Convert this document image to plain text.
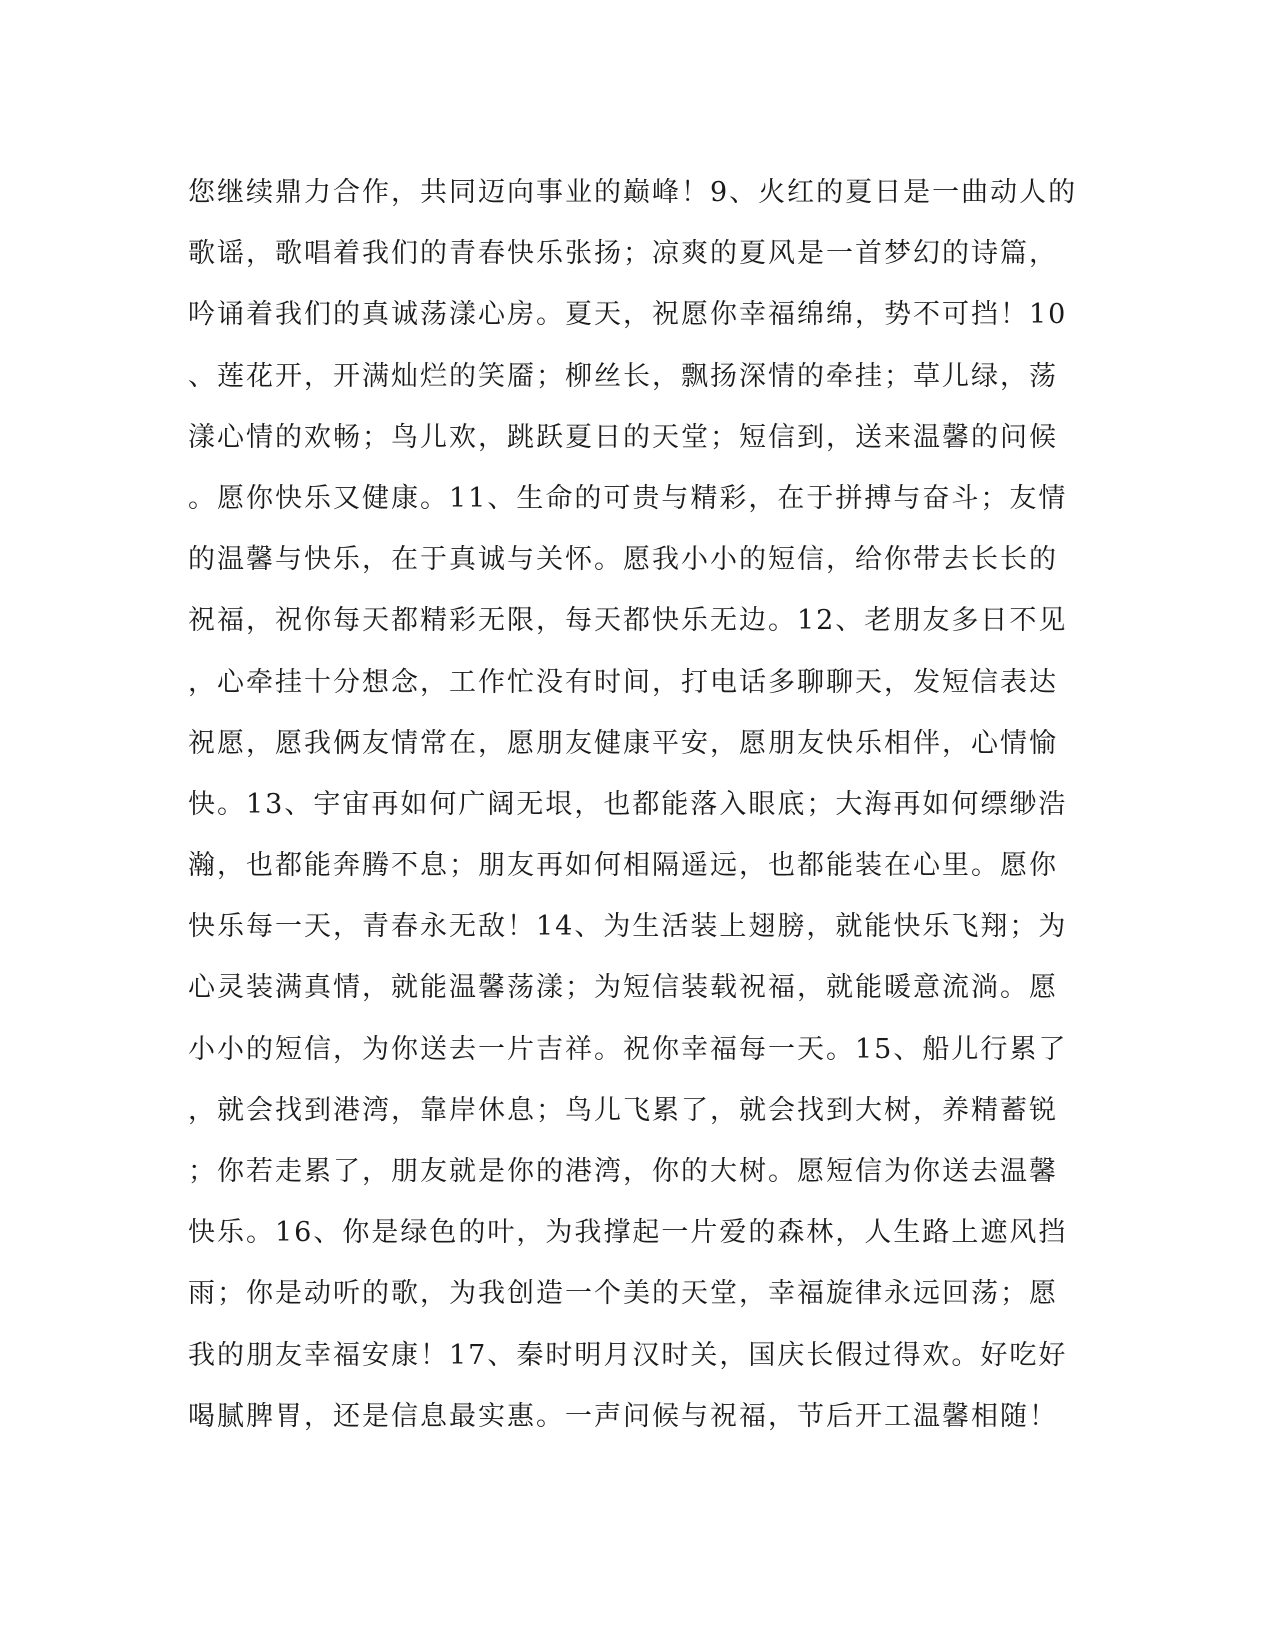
您继续鼎力合作，共同迈向事业的巅峰！9、火红的夏日是一曲动人的
歌谣，歌唱着我们的青春快乐张扬；凉爽的夏风是一首梦幻的诗篇，
吟诵着我们的真诚荡漾心房。夏天，祝愿你幸福绵绵，势不可挡！10
、莲花开，开满灿烂的笑靥；柳丝长，飘扬深情的牵挂；草儿绿，荡
漾心情的欢畅；鸟儿欢，跳跃夏日的天堂；短信到，送来温馨的问候
。愿你快乐又健康。11、生命的可贵与精彩，在于拼搏与奋斗；友情
的温馨与快乐，在于真诚与关怀。愿我小小的短信，给你带去长长的
祝福，祝你每天都精彩无限，每天都快乐无边。12、老朋友多日不见
，心牵挂十分想念，工作忙没有时间，打电话多聊聊天，发短信表达
祝愿，愿我俩友情常在，愿朋友健康平安，愿朋友快乐相伴，心情愉
快。13、宇宙再如何广阔无垠，也都能落入眼底；大海再如何缥缈浩
瀚，也都能奔腾不息；朋友再如何相隔遥远，也都能装在心里。愿你
快乐每一天，青春永无敌！14、为生活装上翅膀，就能快乐飞翔；为
心灵装满真情，就能温馨荡漾；为短信装载祝福，就能暖意流淌。愿
小小的短信，为你送去一片吉祥。祝你幸福每一天。15、船儿行累了
，就会找到港湾，靠岸休息；鸟儿飞累了，就会找到大树，养精蓄锐
；你若走累了，朋友就是你的港湾，你的大树。愿短信为你送去温馨
快乐。16、你是绿色的叶，为我撑起一片爱的森林，人生路上遮风挡
雨；你是动听的歌，为我创造一个美的天堂，幸福旋律永远回荡；愿
我的朋友幸福安康！17、秦时明月汉时关，国庆长假过得欢。好吃好
喝腻脾胃，还是信息最实惠。一声问候与祝福，节后开工温馨相随！
